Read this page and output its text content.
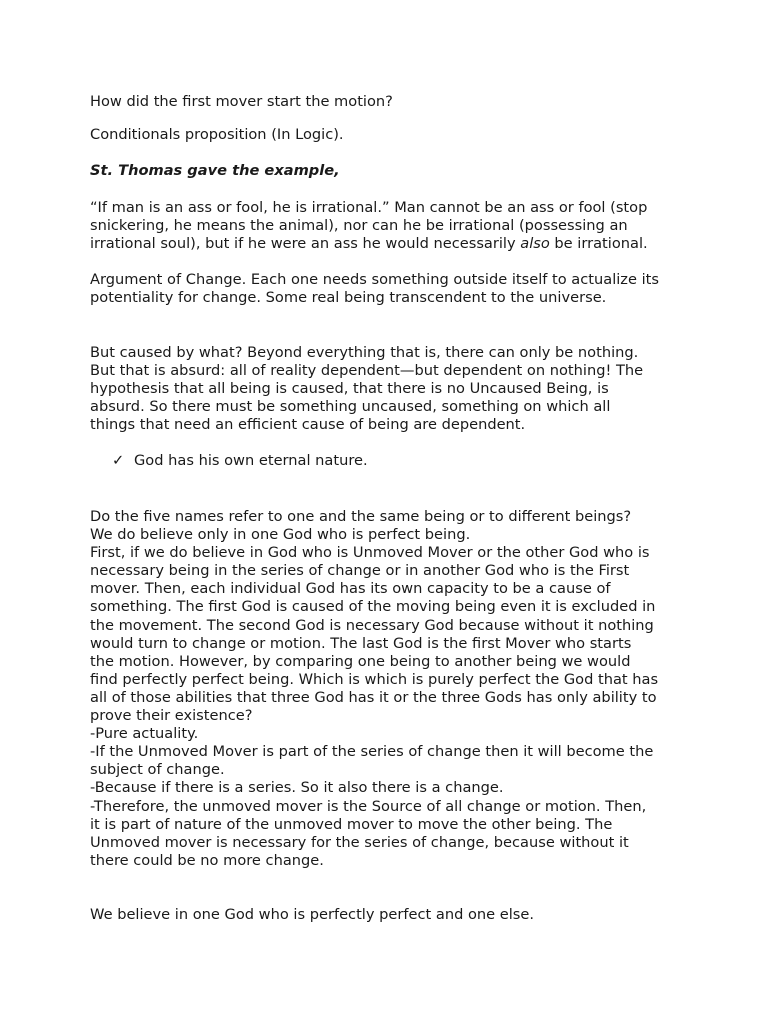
How did the first mover start the motion?

Conditionals proposition (In Logic).

St. Thomas gave the example,

“If man is an ass or fool, he is irrational.” Man cannot be an ass or fool (stop
snickering, he means the animal), nor can he be irrational (possessing an
irrational soul), but if he were an ass he would necessarily also be irrational.

Argument of Change. Each one needs something outside itself to actualize its
potentiality for change. Some real being transcendent to the universe.

But caused by what? Beyond everything that is, there can only be nothing.
But that is absurd: all of reality dependent—but dependent on nothing! The
hypothesis that all being is caused, that there is no Uncaused Being, is
absurd. So there must be something uncaused, something on which all
things that need an efficient cause of being are dependent.

✓ God has his own eternal nature.

Do the five names refer to one and the same being or to different beings?
We do believe only in one God who is perfect being.
First, if we do believe in God who is Unmoved Mover or the other God who is
necessary being in the series of change or in another God who is the First
mover. Then, each individual God has its own capacity to be a cause of
something. The first God is caused of the moving being even it is excluded in
the movement. The second God is necessary God because without it nothing
would turn to change or motion. The last God is the first Mover who starts
the motion. However, by comparing one being to another being we would
find perfectly perfect being. Which is which is purely perfect the God that has
all of those abilities that three God has it or the three Gods has only ability to
prove their existence?
-Pure actuality.
-If the Unmoved Mover is part of the series of change then it will become the
subject of change.
-Because if there is a series. So it also there is a change.
-Therefore, the unmoved mover is the Source of all change or motion. Then,
it is part of nature of the unmoved mover to move the other being. The
Unmoved mover is necessary for the series of change, because without it
there could be no more change.

We believe in one God who is perfectly perfect and one else.
